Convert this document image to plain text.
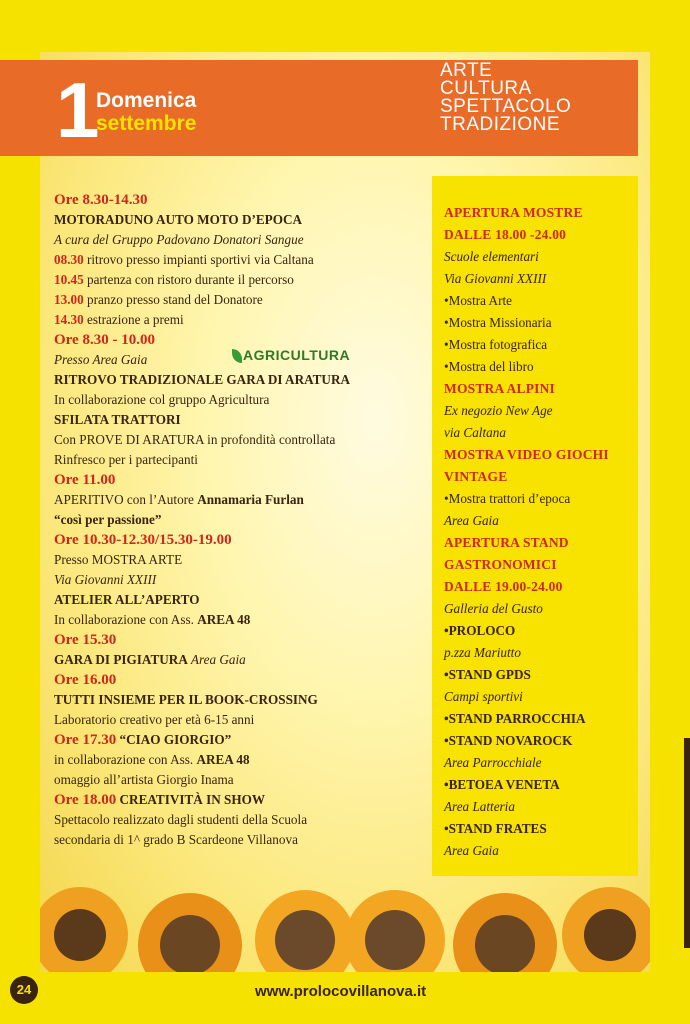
1 Domenica
settembre
ARTE
CULTURA
SPETTACOLO
TRADIZIONE
Ore 8.30-14.30
MOTORADUNO AUTO MOTO D’EPOCA
A cura del Gruppo Padovano Donatori Sangue
08.30 ritrovo presso impianti sportivi via Caltana
10.45 partenza con ristoro durante il percorso
13.00 pranzo presso stand del Donatore
14.30 estrazione a premi
Ore 8.30 - 10.00
Presso Area Gaia
RITROVO TRADIZIONALE GARA DI ARATURA
In collaborazione col gruppo Agricultura
SFILATA TRATTORI
Con PROVE DI ARATURA in profondità controllata
Rinfresco per i partecipanti
Ore 11.00
APERITIVO con l’Autore Annamaria Furlan
“così per passione”
Ore 10.30-12.30/15.30-19.00
Presso MOSTRA ARTE
Via Giovanni XXIII
ATELIER ALL’APERTO
In collaborazione con Ass. AREA 48
Ore 15.30
GARA DI PIGIATURA Area Gaia
Ore 16.00
TUTTI INSIEME PER IL BOOK-CROSSING
Laboratorio creativo per età 6-15 anni
Ore 17.30 “CIAO GIORGIO”
in collaborazione con Ass. AREA 48
omaggio all’artista Giorgio Inama
Ore 18.00 CREATIVITÀ IN SHOW
Spettacolo realizzato dagli studenti della Scuola
secondaria di 1^ grado B Scardeone Villanova
AGRICULTURA
APERTURA MOSTRE
DALLE 18.00 -24.00
Scuole elementari
Via Giovanni XXIII
•Mostra Arte
•Mostra Missionaria
•Mostra fotografica
•Mostra del libro
MOSTRA ALPINI
Ex negozio New Age
via Caltana
MOSTRA VIDEO GIOCHI
VINTAGE
•Mostra trattori d’epoca
Area Gaia
APERTURA STAND
GASTRONOMICI
DALLE 19.00-24.00
Galleria del Gusto
•PROLOCO
p.zza Mariutto
•STAND GPDS
Campi sportivi
•STAND PARROCCHIA
•STAND NOVAROCK
Area Parrocchiale
•BETOEA VENETA
Area Latteria
•STAND FRATES
Area Gaia
24	www.prolocovillanova.it
